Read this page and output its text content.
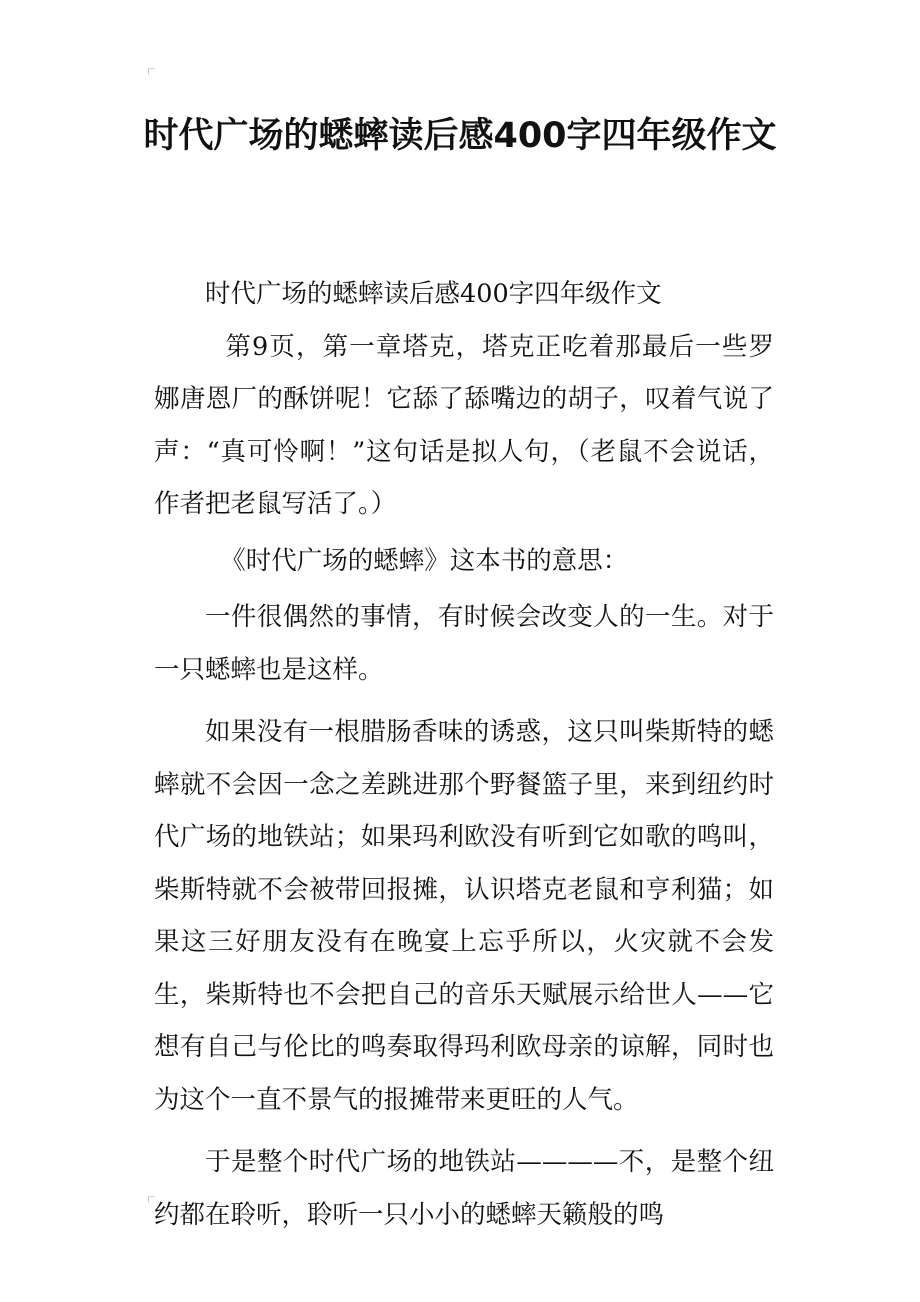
时代广场的蟋蟀读后感400字四年级作文

时代广场的蟋蟀读后感400字四年级作文

第9页，第一章塔克，塔克正吃着那最后一些罗娜唐恩厂的酥饼呢！它舔了舔嘴边的胡子，叹着气说了声：“真可怜啊！”这句话是拟人句，（老鼠不会说话，作者把老鼠写活了。）

《时代广场的蟋蟀》这本书的意思：

一件很偶然的事情，有时候会改变人的一生。对于一只蟋蟀也是这样。

如果没有一根腊肠香味的诱惑，这只叫柴斯特的蟋蟀就不会因一念之差跳进那个野餐篮子里，来到纽约时代广场的地铁站；如果玛利欧没有听到它如歌的鸣叫，柴斯特就不会被带回报摊，认识塔克老鼠和亨利猫；如果这三好朋友没有在晚宴上忘乎所以，火灾就不会发生，柴斯特也不会把自己的音乐天赋展示给世人——它想有自己与伦比的鸣奏取得玛利欧母亲的谅解，同时也为这个一直不景气的报摊带来更旺的人气。

于是整个时代广场的地铁站————不，是整个纽约都在聆听，聆听一只小小的蟋蟀天籁般的鸣
